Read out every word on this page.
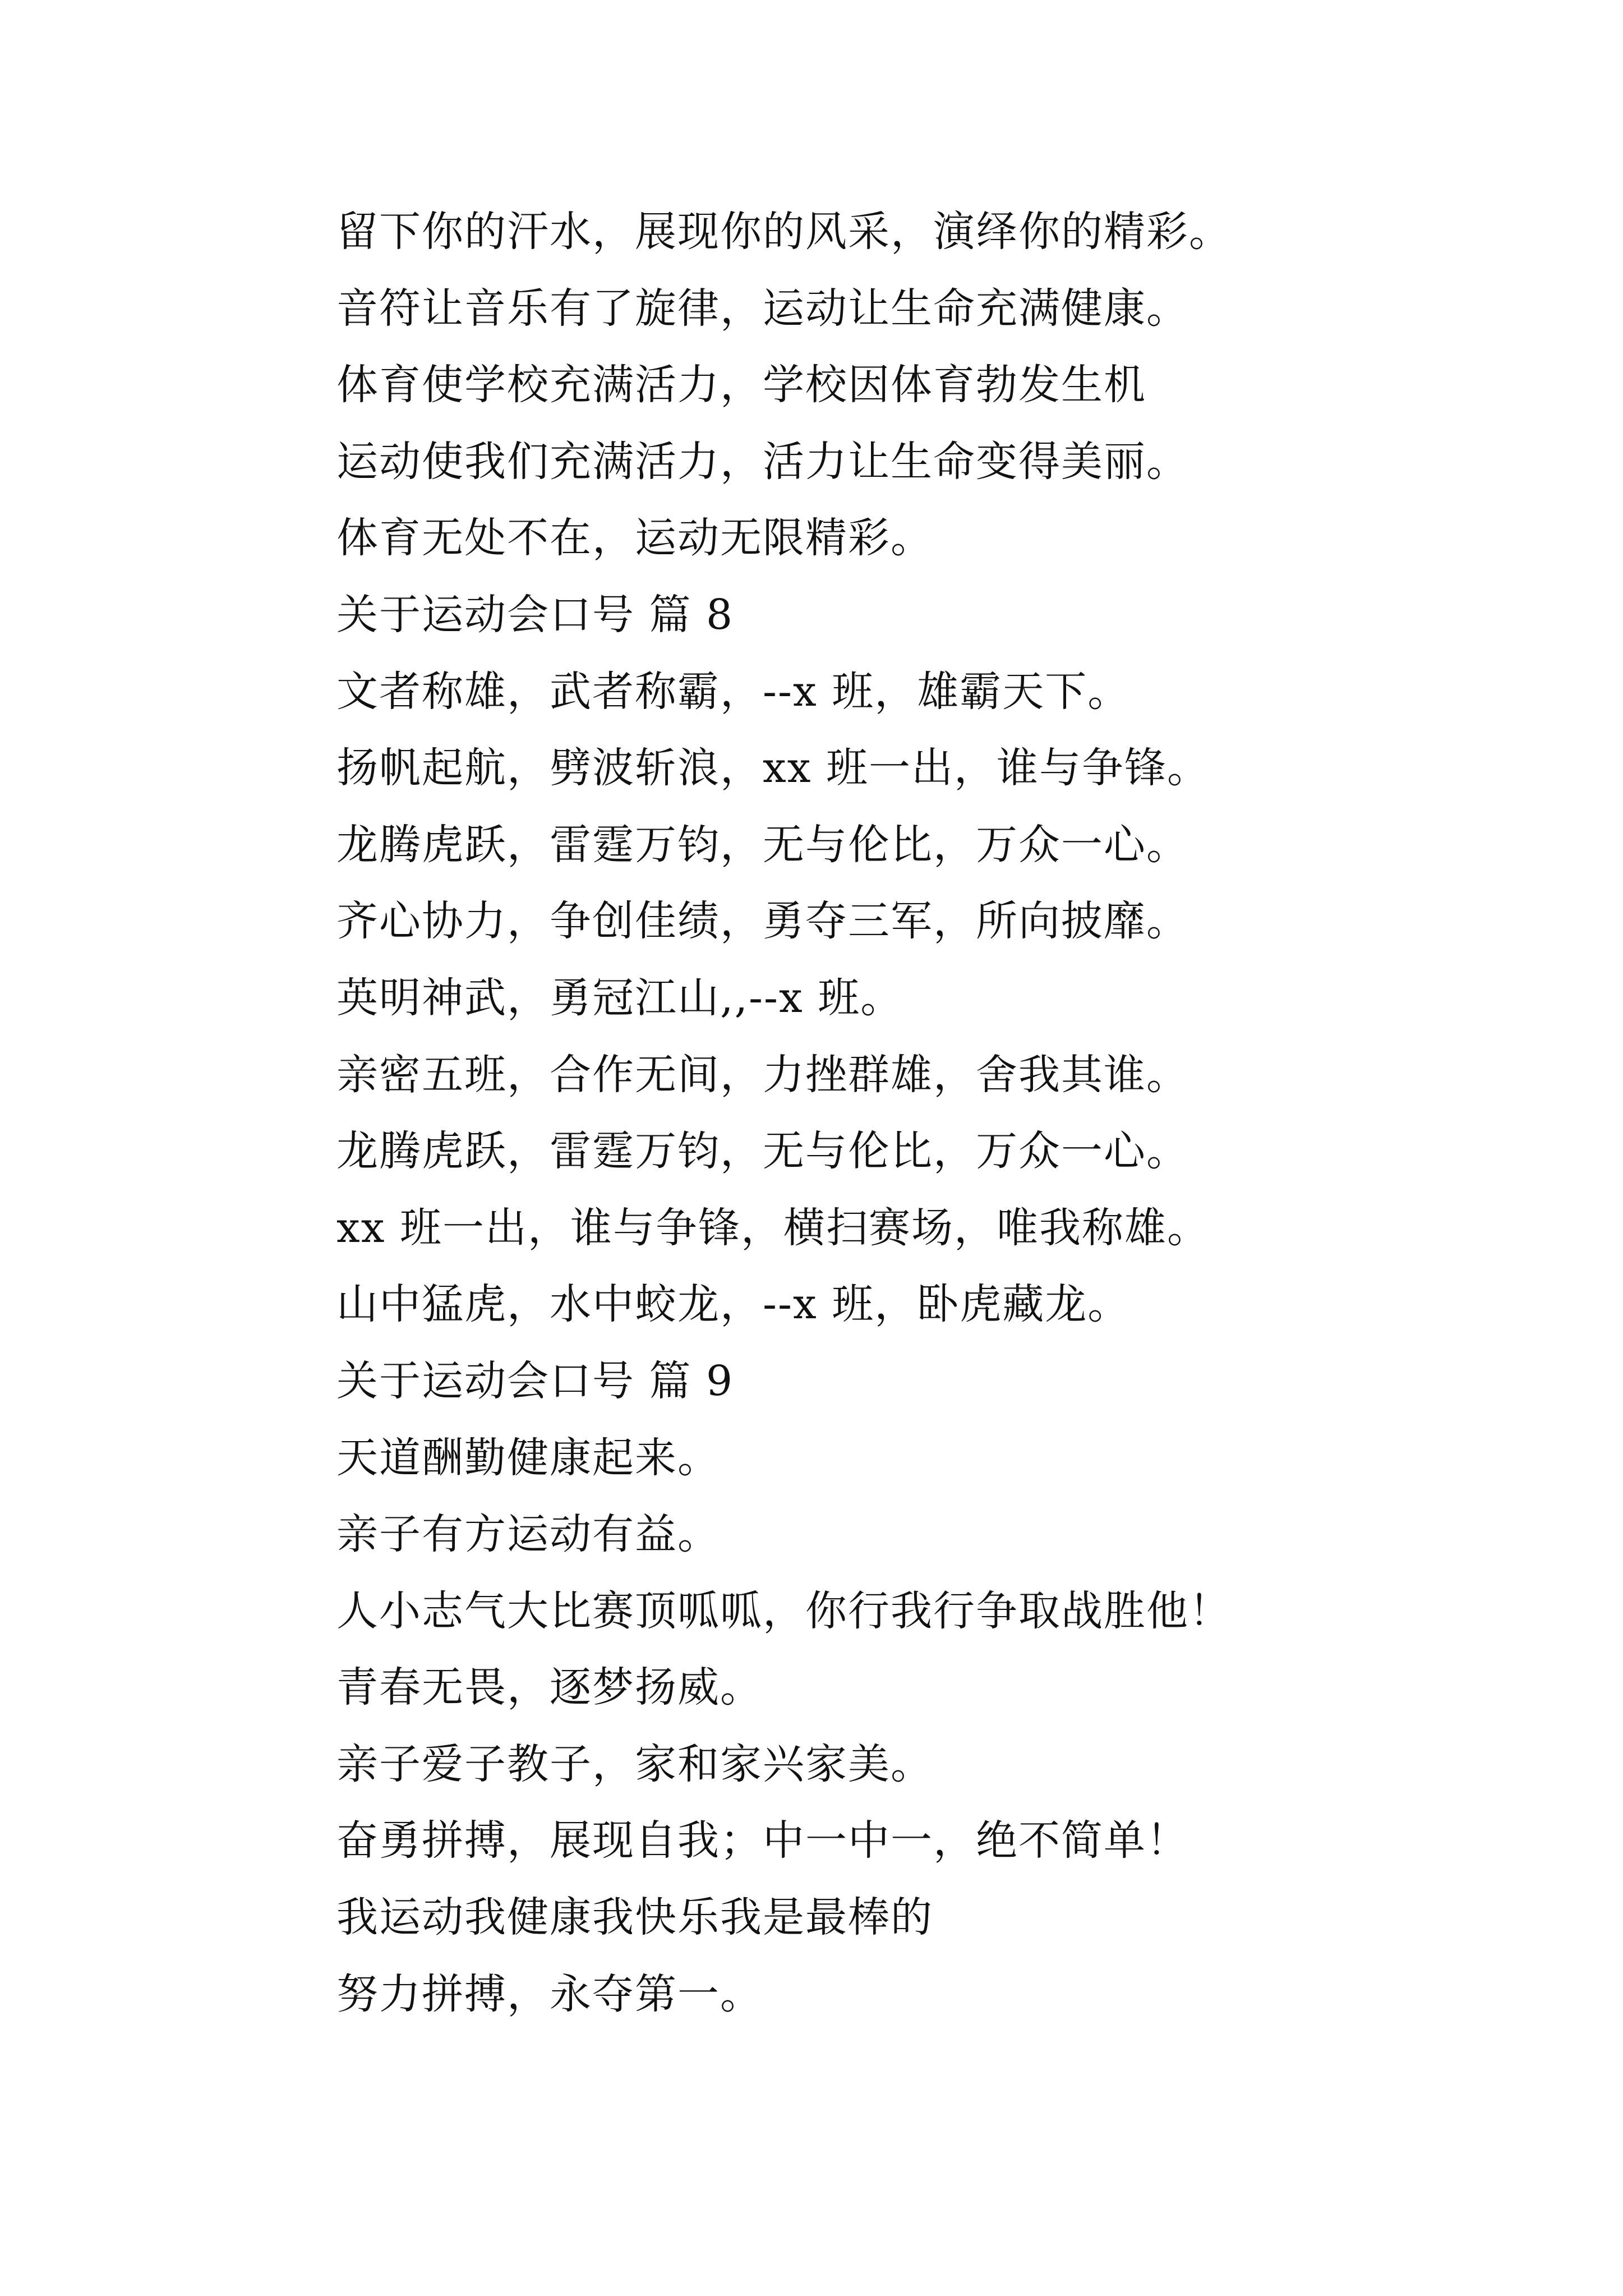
留下你的汗水，展现你的风采，演绎你的精彩。
音符让音乐有了旋律，运动让生命充满健康。
体育使学校充满活力，学校因体育勃发生机
运动使我们充满活力，活力让生命变得美丽。
体育无处不在，运动无限精彩。
关于运动会口号 篇 8
文者称雄，武者称霸，--x 班，雄霸天下。
扬帆起航，劈波斩浪，xx 班一出，谁与争锋。
龙腾虎跃，雷霆万钧，无与伦比，万众一心。
齐心协力，争创佳绩，勇夺三军，所向披靡。
英明神武，勇冠江山,,--x 班。
亲密五班，合作无间，力挫群雄，舍我其谁。
龙腾虎跃，雷霆万钧，无与伦比，万众一心。
xx 班一出，谁与争锋，横扫赛场，唯我称雄。
山中猛虎，水中蛟龙，--x 班，卧虎藏龙。
关于运动会口号 篇 9
天道酬勤健康起来。
亲子有方运动有益。
人小志气大比赛顶呱呱，你行我行争取战胜他！
青春无畏，逐梦扬威。
亲子爱子教子，家和家兴家美。
奋勇拼搏，展现自我；中一中一，绝不简单！
我运动我健康我快乐我是最棒的
努力拼搏，永夺第一。
